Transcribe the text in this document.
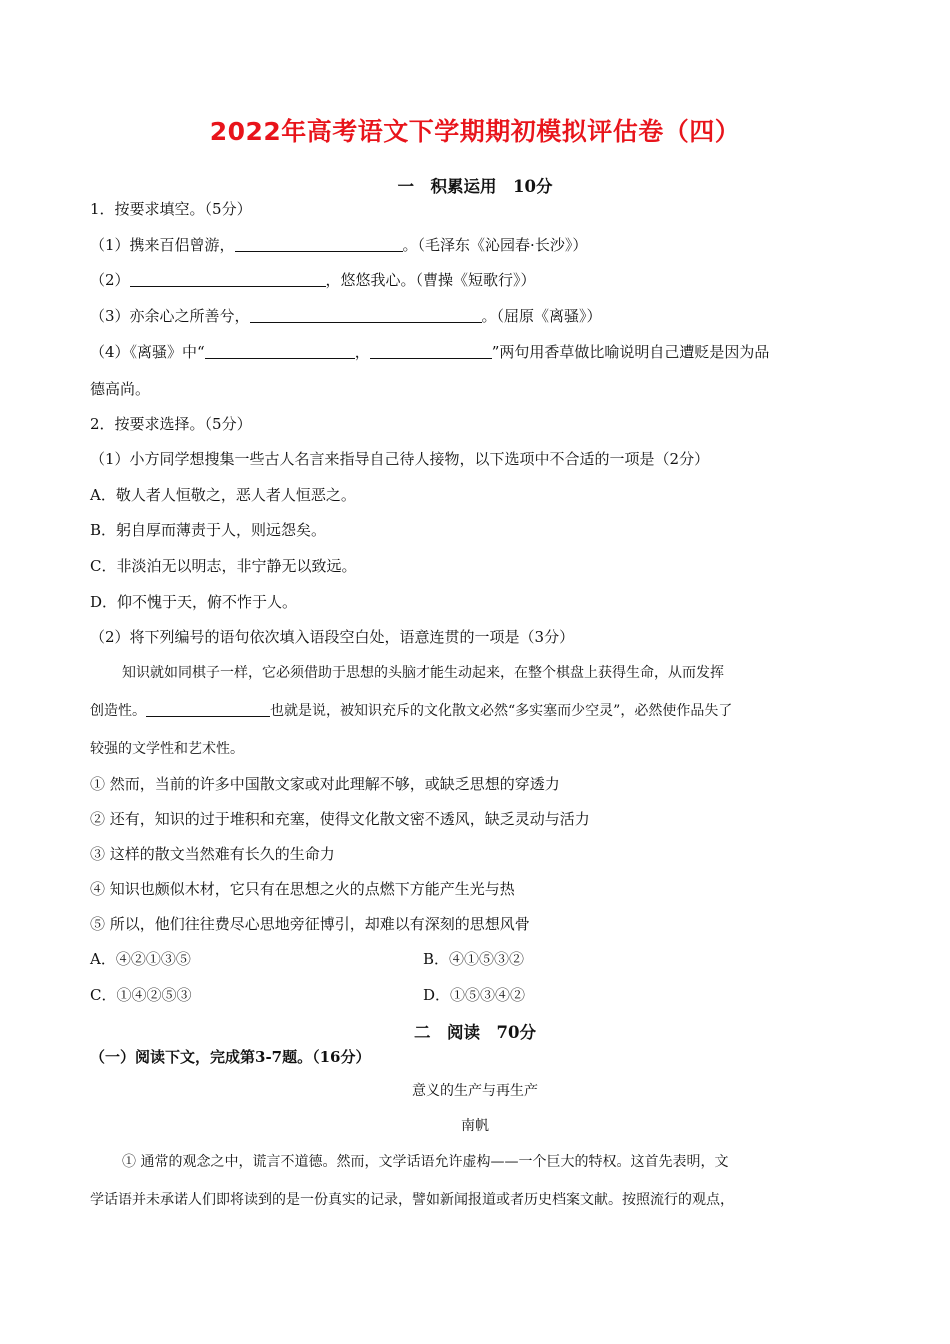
2022年高考语文下学期期初模拟评估卷（四）
一　积累运用　10分
1．按要求填空。（5分）
（1）携来百侣曾游，	。（毛泽东《沁园春·长沙》）
（2）	，悠悠我心。（曹操《短歌行》）
（3）亦余心之所善兮，	。（屈原《离骚》）
（4）《离骚》中“	，	”两句用香草做比喻说明自己遭贬是因为品
德高尚。
2．按要求选择。（5分）
（1）小方同学想搜集一些古人名言来指导自己待人接物，以下选项中不合适的一项是（2分）
A．敬人者人恒敬之，恶人者人恒恶之。
B．躬自厚而薄责于人，则远怨矣。
C．非淡泊无以明志，非宁静无以致远。
D．仰不愧于天，俯不怍于人。
（2）将下列编号的语句依次填入语段空白处，语意连贯的一项是（3分）
知识就如同棋子一样，它必须借助于思想的头脑才能生动起来，在整个棋盘上获得生命，从而发挥
创造性。	也就是说，被知识充斥的文化散文必然“多实塞而少空灵”，必然使作品失了
较强的文学性和艺术性。
① 然而，当前的许多中国散文家或对此理解不够，或缺乏思想的穿透力
② 还有，知识的过于堆积和充塞，使得文化散文密不透风，缺乏灵动与活力
③ 这样的散文当然难有长久的生命力
④ 知识也颇似木材，它只有在思想之火的点燃下方能产生光与热
⑤ 所以，他们往往费尽心思地旁征博引，却难以有深刻的思想风骨
A．④②①③⑤	B．④①⑤③②
C．①④②⑤③	D．①⑤③④②
二　阅读　70分
（一）阅读下文，完成第3-7题。（16分）
意义的生产与再生产
南帆
① 通常的观念之中，谎言不道德。然而，文学话语允许虚构——一个巨大的特权。这首先表明，文
学话语并未承诺人们即将读到的是一份真实的记录，譬如新闻报道或者历史档案文献。按照流行的观点，
